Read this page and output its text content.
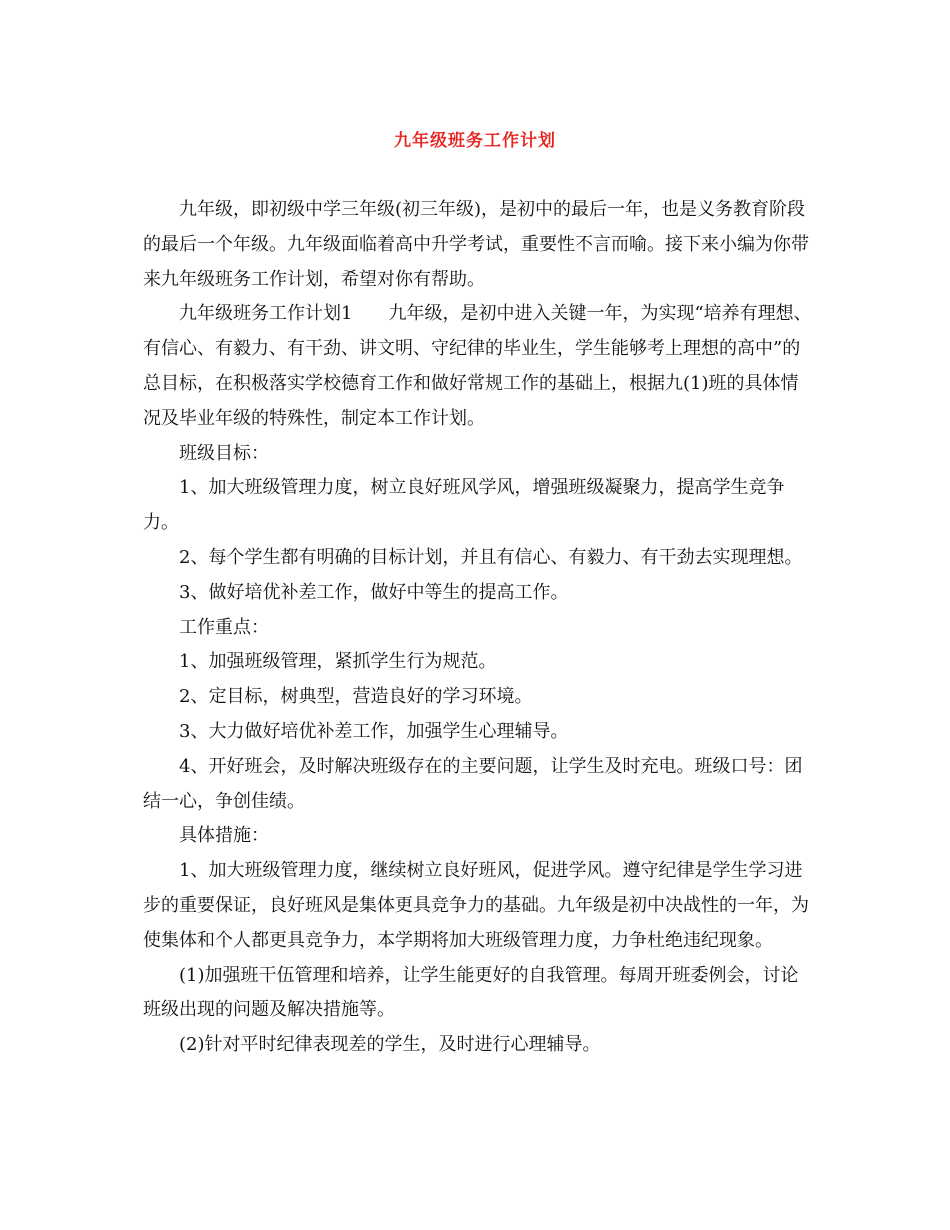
九年级班务工作计划

九年级，即初级中学三年级(初三年级)，是初中的最后一年，也是义务教育阶段的最后一个年级。九年级面临着高中升学考试，重要性不言而喻。接下来小编为你带来九年级班务工作计划，希望对你有帮助。

九年级班务工作计划1　　九年级，是初中进入关键一年，为实现“培养有理想、有信心、有毅力、有干劲、讲文明、守纪律的毕业生，学生能够考上理想的高中”的总目标，在积极落实学校德育工作和做好常规工作的基础上，根据九(1)班的具体情况及毕业年级的特殊性，制定本工作计划。

班级目标：

1、加大班级管理力度，树立良好班风学风，增强班级凝聚力，提高学生竞争力。

2、每个学生都有明确的目标计划，并且有信心、有毅力、有干劲去实现理想。

3、做好培优补差工作，做好中等生的提高工作。

工作重点：

1、加强班级管理，紧抓学生行为规范。

2、定目标，树典型，营造良好的学习环境。

3、大力做好培优补差工作，加强学生心理辅导。

4、开好班会，及时解决班级存在的主要问题，让学生及时充电。班级口号：团结一心，争创佳绩。

具体措施：

1、加大班级管理力度，继续树立良好班风，促进学风。遵守纪律是学生学习进步的重要保证，良好班风是集体更具竞争力的基础。九年级是初中决战性的一年，为使集体和个人都更具竞争力，本学期将加大班级管理力度，力争杜绝违纪现象。

(1)加强班干伍管理和培养，让学生能更好的自我管理。每周开班委例会，讨论班级出现的问题及解决措施等。

(2)针对平时纪律表现差的学生，及时进行心理辅导。
